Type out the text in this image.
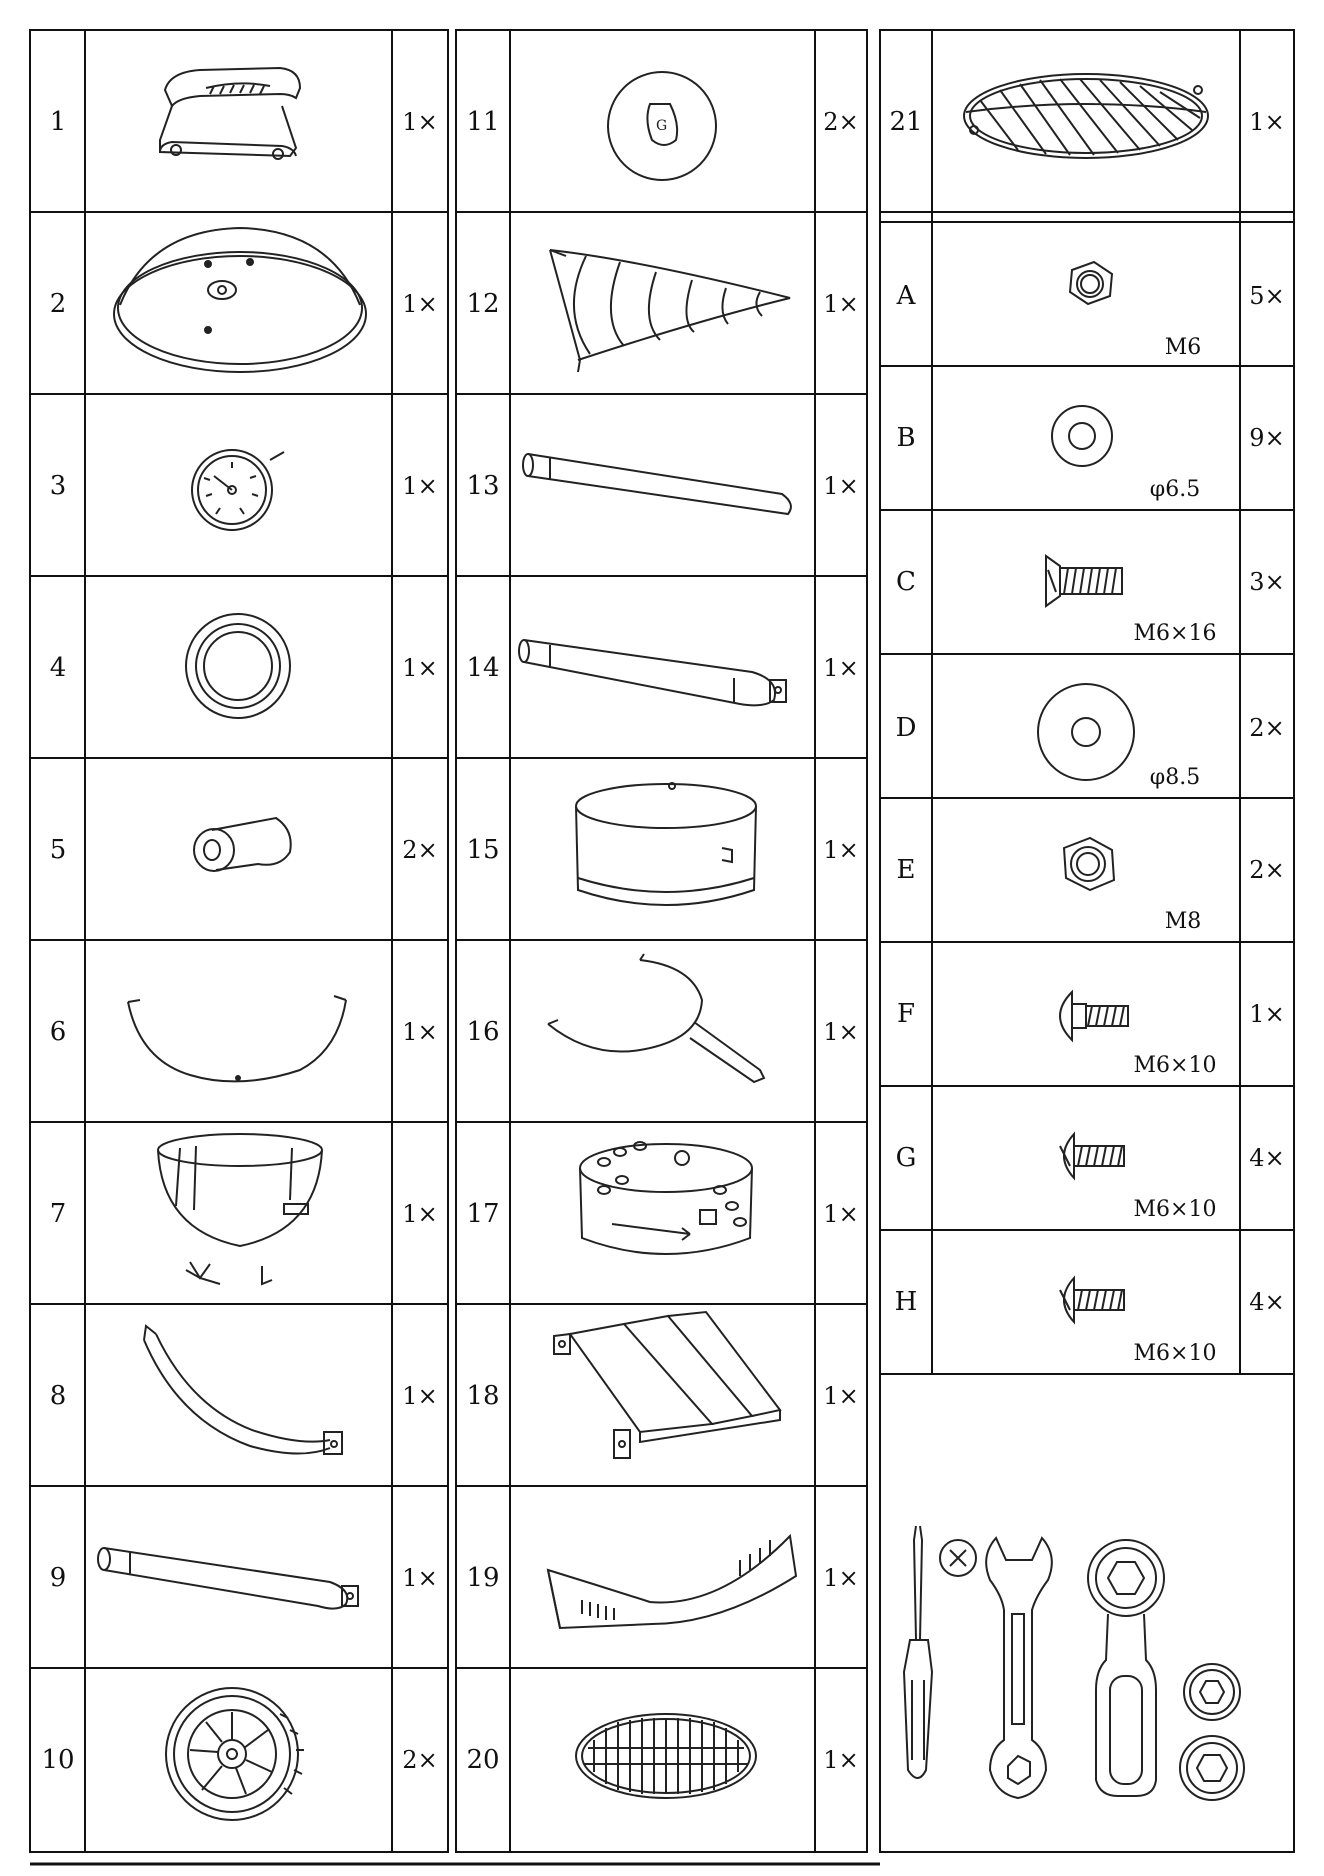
1	1×
2	1×
3	1×
4	1×
5	2×
6	1×
7	1×
8	1×
9	1×
10	2×
11	2×
12	1×
13	1×
14	1×
15	1×
16	1×
17	1×
18	1×
19	1×
20	1×
21	1×
A
M6
5×
B
φ6.5
9×
C
M6×16
3×
D
φ8.5
2×
E
M8
2×
F
M6×10
1×
G
M6×10
4×
H
M6×10
4×
G
